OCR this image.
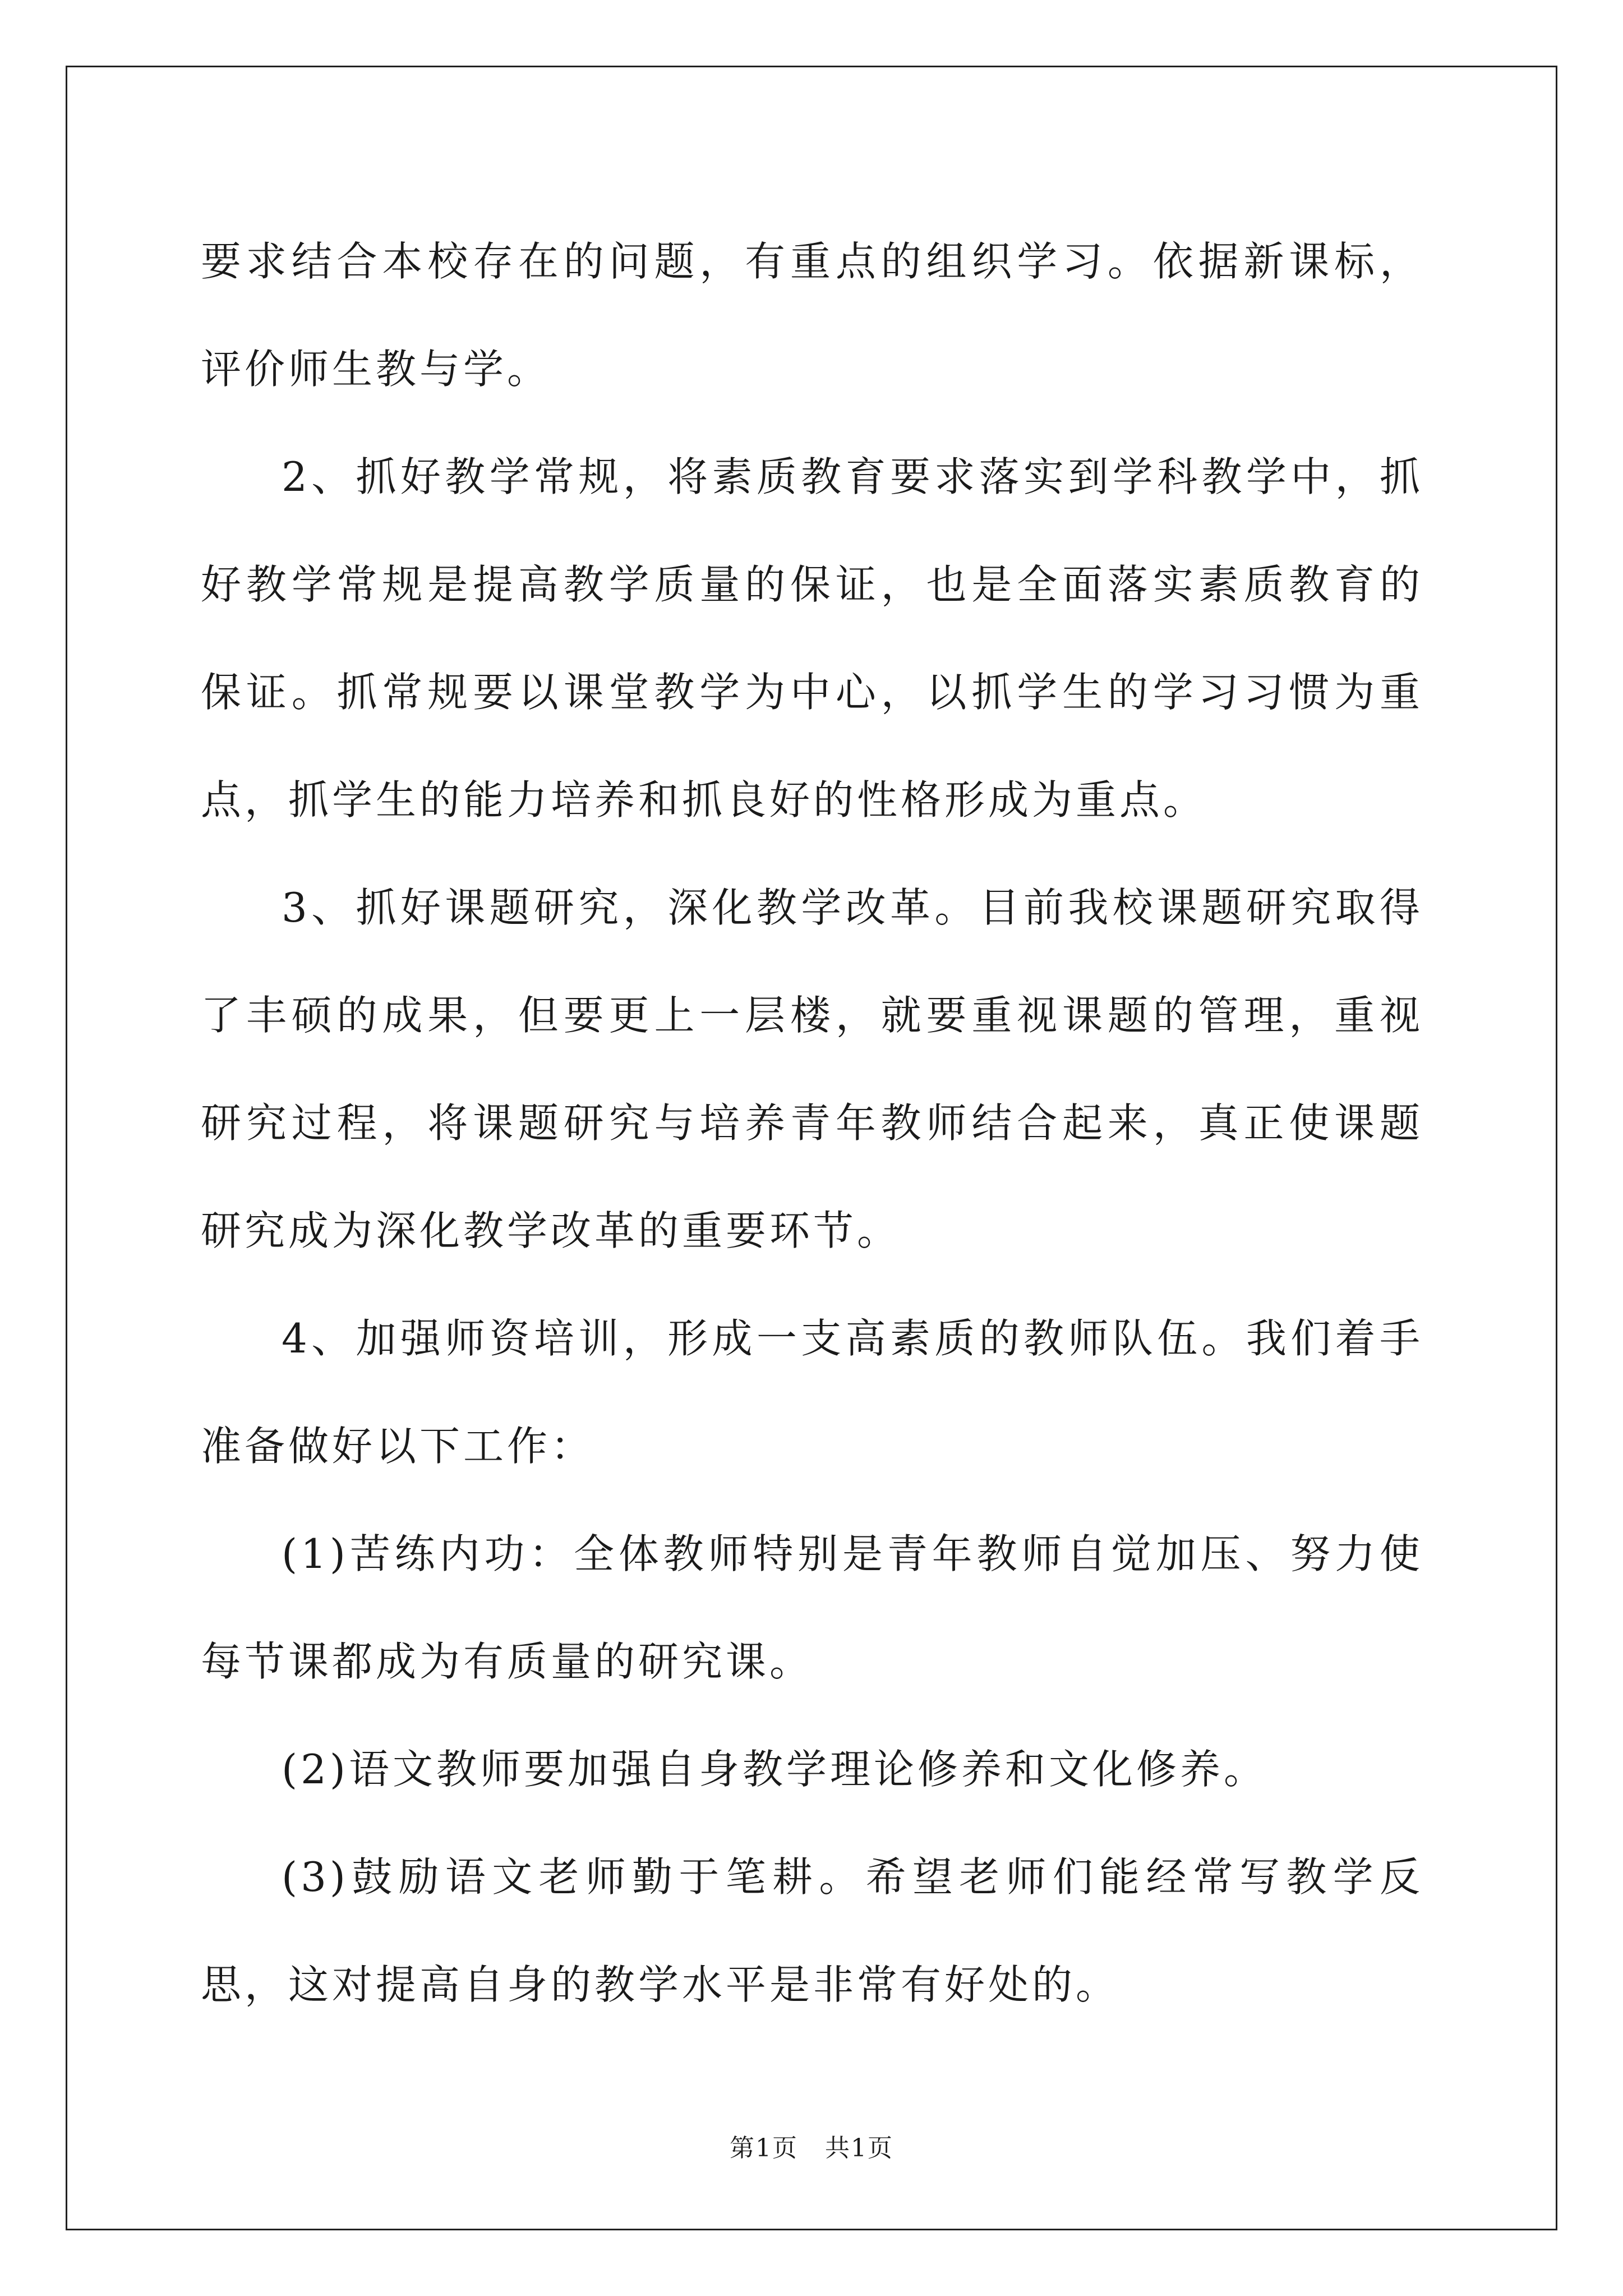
要求结合本校存在的问题，有重点的组织学习。依据新课标，评价师生教与学。

2、抓好教学常规，将素质教育要求落实到学科教学中，抓好教学常规是提高教学质量的保证，也是全面落实素质教育的保证。抓常规要以课堂教学为中心，以抓学生的学习习惯为重点，抓学生的能力培养和抓良好的性格形成为重点。

3、抓好课题研究，深化教学改革。目前我校课题研究取得了丰硕的成果，但要更上一层楼，就要重视课题的管理，重视研究过程，将课题研究与培养青年教师结合起来，真正使课题研究成为深化教学改革的重要环节。

4、加强师资培训，形成一支高素质的教师队伍。我们着手准备做好以下工作：

(1)苦练内功：全体教师特别是青年教师自觉加压、努力使每节课都成为有质量的研究课。

(2)语文教师要加强自身教学理论修养和文化修养。

(3)鼓励语文老师勤于笔耕。希望老师们能经常写教学反思，这对提高自身的教学水平是非常有好处的。

第1页 共1页
